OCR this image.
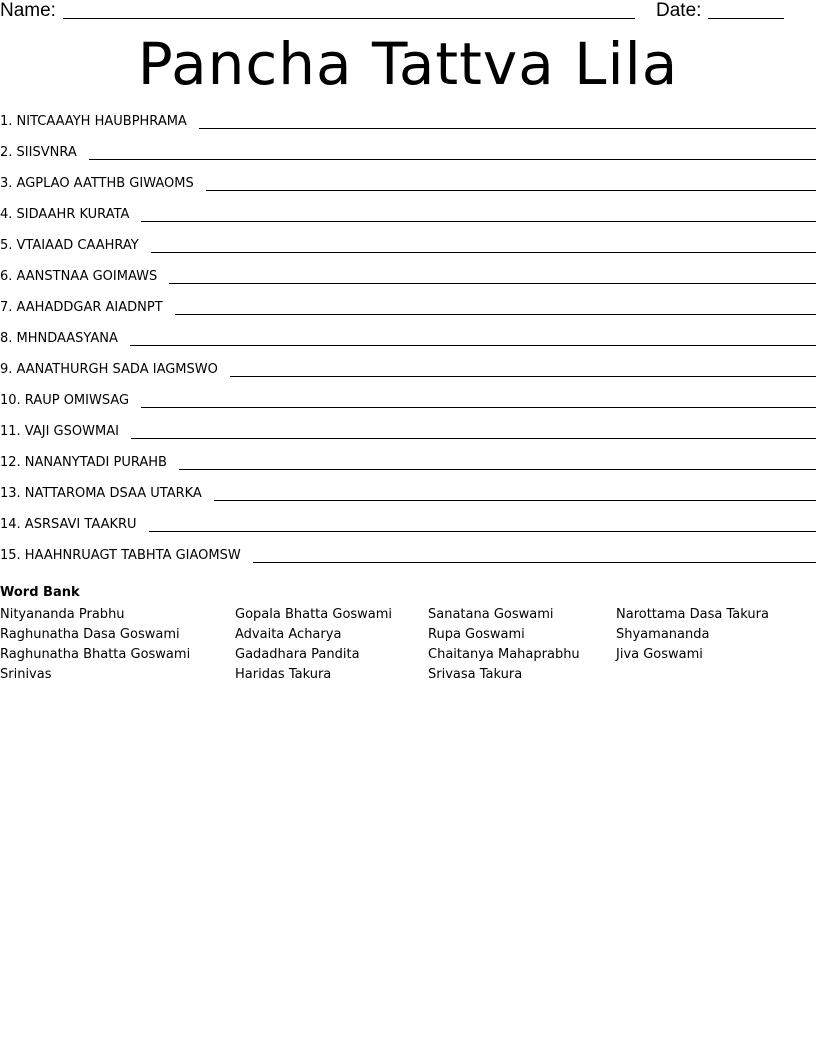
Name:	Date:
Pancha Tattva Lila
1. NITCAAAYH HAUBPHRAMA
2. SIISVNRA
3. AGPLAO AATTHB GIWAOMS
4. SIDAAHR KURATA
5. VTAIAAD CAAHRAY
6. AANSTNAA GOIMAWS
7. AAHADDGAR AIADNPT
8. MHNDAASYANA
9. AANATHURGH SADA IAGMSWO
10. RAUP OMIWSAG
11. VAJI GSOWMAI
12. NANANYTADI PURAHB
13. NATTAROMA DSAA UTARKA
14. ASRSAVI TAAKRU
15. HAAHNRUAGT TABHTA GIAOMSW
Word Bank
Nityananda Prabhu
Raghunatha Dasa Goswami
Raghunatha Bhatta Goswami
Srinivas
Gopala Bhatta Goswami
Advaita Acharya
Gadadhara Pandita
Haridas Takura
Sanatana Goswami
Rupa Goswami
Chaitanya Mahaprabhu
Srivasa Takura
Narottama Dasa Takura
Shyamananda
Jiva Goswami
